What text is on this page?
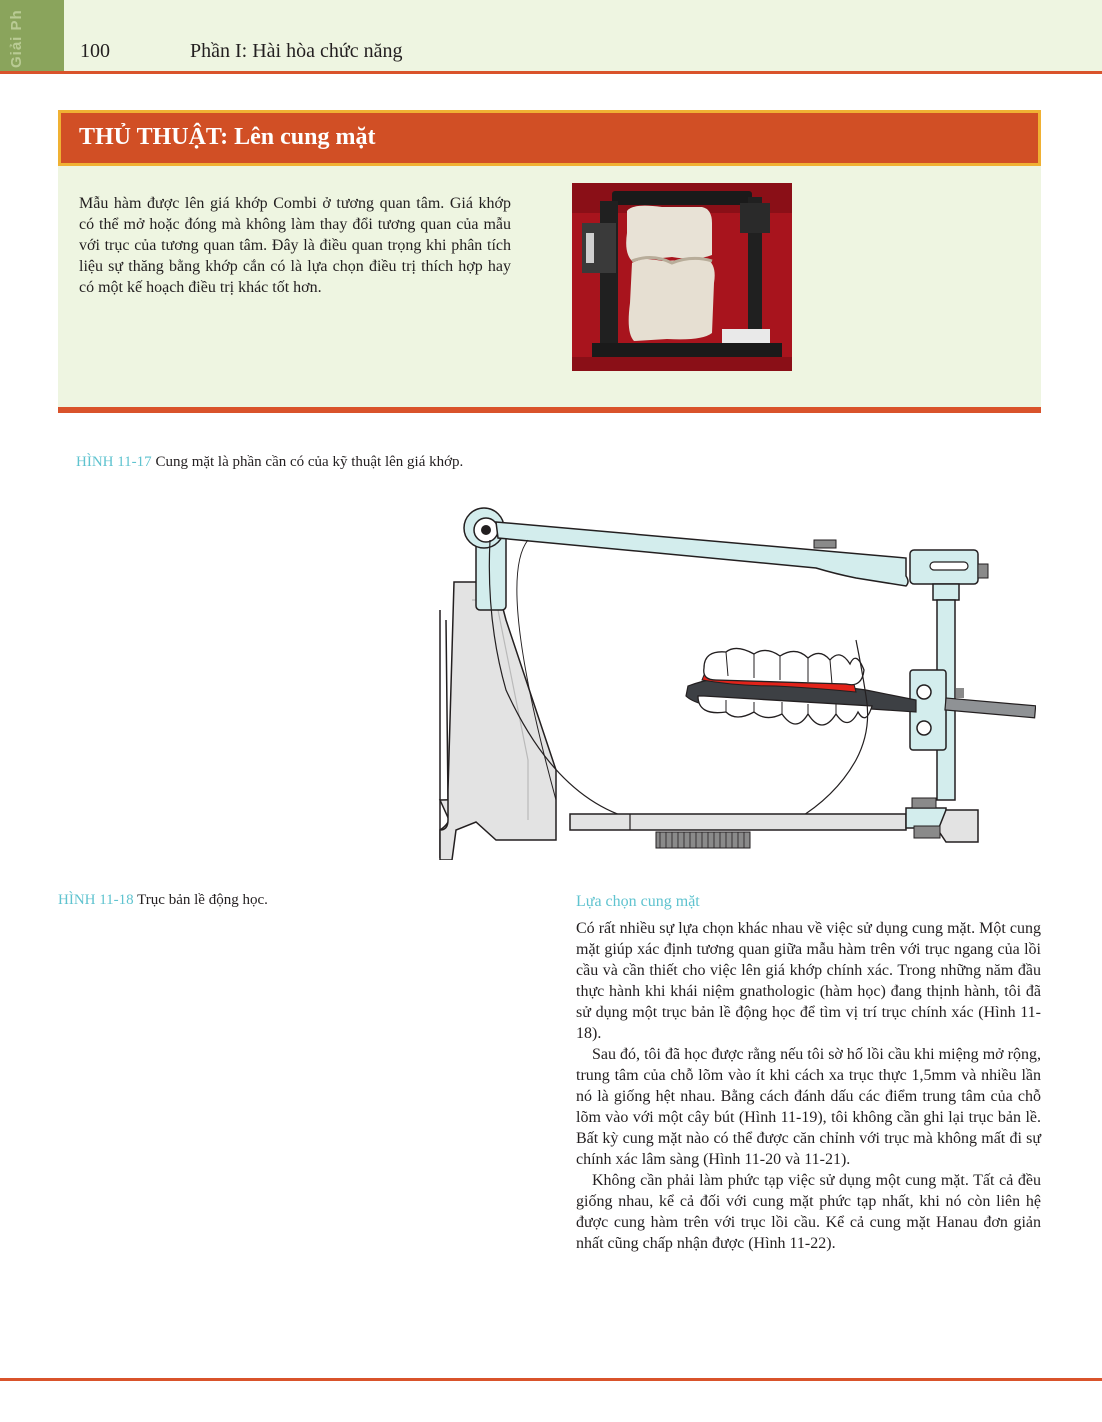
Giải Ph	100	Phần I: Hài hòa chức năng
THỦ THUẬT: Lên cung mặt
Mẫu hàm được lên giá khớp Combi ở tương quan tâm. Giá khớp có thể mở hoặc đóng mà không làm thay đổi tương quan của mẫu với trục của tương quan tâm. Đây là điều quan trọng khi phân tích liệu sự thăng bằng khớp cắn có là lựa chọn điều trị thích hợp hay có một kế hoạch điều trị khác tốt hơn.
HÌNH 11-17 Cung mặt là phần cần có của kỹ thuật lên giá khớp.
HÌNH 11-18 Trục bản lề động học.	Lựa chọn cung mặt

Có rất nhiều sự lựa chọn khác nhau về việc sử dụng cung mặt. Một cung mặt giúp xác định tương quan giữa mẫu hàm trên với trục ngang của lồi cầu và cần thiết cho việc lên giá khớp chính xác. Trong những năm đầu thực hành khi khái niệm gnathologic (hàm học) đang thịnh hành, tôi đã sử dụng một trục bản lề động học để tìm vị trí trục chính xác (Hình 11-18).

Sau đó, tôi đã học được rằng nếu tôi sờ hố lồi cầu khi miệng mở rộng, trung tâm của chỗ lõm vào ít khi cách xa trục thực 1,5mm và nhiều lần nó là giống hệt nhau. Bằng cách đánh dấu các điểm trung tâm của chỗ lõm vào với một cây bút (Hình 11-19), tôi không cần ghi lại trục bản lề. Bất kỳ cung mặt nào có thể được căn chỉnh với trục mà không mất đi sự chính xác lâm sàng (Hình 11-20 và 11-21).

Không cần phải làm phức tạp việc sử dụng một cung mặt. Tất cả đều giống nhau, kể cả đối với cung mặt phức tạp nhất, khi nó còn liên hệ được cung hàm trên với trục lồi cầu. Kể cả cung mặt Hanau đơn giản nhất cũng chấp nhận được (Hình 11-22).
